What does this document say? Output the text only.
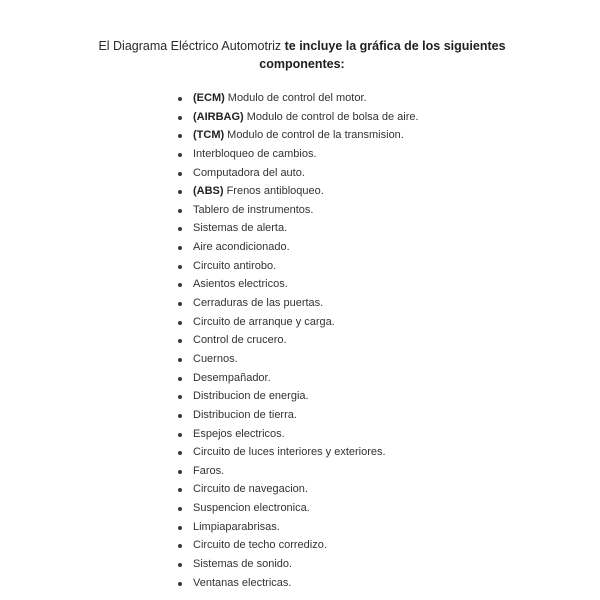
El Diagrama Eléctrico Automotriz te incluye la gráfica de los siguientes componentes:

(ECM) Modulo de control del motor.
(AIRBAG) Modulo de control de bolsa de aire.
(TCM) Modulo de control de la transmision.
Interbloqueo de cambios.
Computadora del auto.
(ABS) Frenos antibloqueo.
Tablero de instrumentos.
Sistemas de alerta.
Aire acondicionado.
Circuito antirobo.
Asientos electricos.
Cerraduras de las puertas.
Circuito de arranque y carga.
Control de crucero.
Cuernos.
Desempañador.
Distribucion de energia.
Distribucion de tierra.
Espejos electricos.
Circuito de luces interiores y exteriores.
Faros.
Circuito de navegacion.
Suspencion electronica.
Limpiaparabrisas.
Circuito de techo corredizo.
Sistemas de sonido.
Ventanas electricas.
